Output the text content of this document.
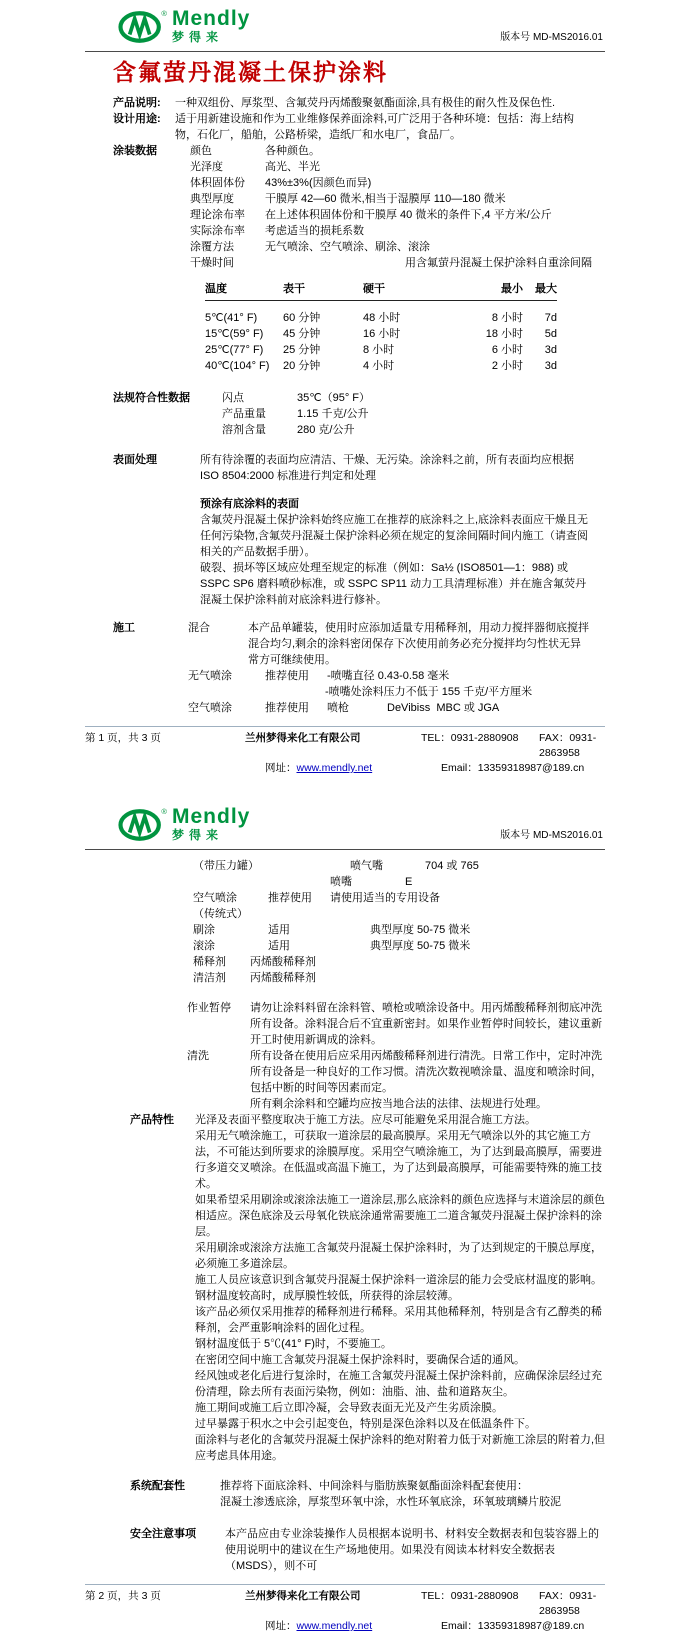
® Mendly
梦得来	版本号 MD-MS2016.01
含氟萤丹混凝土保护涂料
产品说明:	一种双组份、厚浆型、含氟荧丹丙烯酸聚氨酯面涂,具有极佳的耐久性及保色性.
设计用途:	适于用新建设施和作为工业维修保养面涂料,可广泛用于各种环境：包括：海上结构物，石化厂，船舶，公路桥梁，造纸厂和水电厂，食品厂。
涂装数据	颜色	各种颜色。
光泽度	高光、半光
体积固体份	43%±3%(因颜色而异)
典型厚度	干膜厚 42—60 微米,相当于湿膜厚 110—180 微米
理论涂布率	在上述体积固体份和干膜厚 40 微米的条件下,4 平方米/公斤
实际涂布率	考虑适当的损耗系数
涂覆方法	无气喷涂、空气喷涂、刷涂、滚涂
干燥时间	用含氟萤丹混凝土保护涂料自重涂间隔
温度	表干	硬干	最小	最大
5℃(41° F)	60 分钟	48 小时	8 小时	7d
15℃(59° F)	45 分钟	16 小时	18 小时	5d
25℃(77° F)	25 分钟	8 小时	6 小时	3d
40℃(104° F)	20 分钟	4 小时	2 小时	3d
法规符合性数据	闪点	35℃（95° F）
产品重量	1.15 千克/公升
溶剂含量	280 克/公升
表面处理	所有待涂覆的表面均应清洁、干燥、无污染。涂涂料之前，所有表面均应根据 ISO 8504:2000 标准进行判定和处理
预涂有底涂料的表面
含氟荧丹混凝土保护涂料始终应施工在推荐的底涂料之上,底涂料表面应干燥且无任何污染物,含氟荧丹混凝土保护涂料必须在规定的复涂间隔时间内施工（请查阅相关的产品数据手册）。
破裂、损坏等区域应处理至规定的标准（例如：Sa½ (ISO8501—1：988) 或 SSPC SP6 磨料喷砂标准，或 SSPC SP11 动力工具清理标准）并在施含氟荧丹混凝土保护涂料前对底涂料进行修补。
施工	混合	本产品单罐装，使用时应添加适量专用稀释剂，用动力搅拌器彻底搅拌混合均匀,剩余的涂料密闭保存下次使用前务必充分搅拌均匀性状无异常方可继续使用。
无气喷涂	推荐使用	-喷嘴直径 0.43-0.58 毫米
-喷嘴处涂料压力不低于 155 千克/平方厘米
空气喷涂	推荐使用	喷枪	DeVibiss  MBC 或 JGA
第 1 页，共 3 页	兰州梦得来化工有限公司	TEL：0931-2880908	FAX：0931-2863958
网址：www.mendly.net	Email：13359318987@189.cn
® Mendly
梦得来	版本号 MD-MS2016.01
（带压力罐）	喷气嘴	704 或 765
喷嘴	E
空气喷涂	推荐使用	请使用适当的专用设备
（传统式）
刷涂	适用	典型厚度 50-75 微米
滚涂	适用	典型厚度 50-75 微米
稀释剂	丙烯酸稀释剂
清洁剂	丙烯酸稀释剂
作业暂停	请勿让涂料料留在涂料管、喷枪或喷涂设备中。用丙烯酸稀释剂彻底冲洗所有设备。涂料混合后不宜重新密封。如果作业暂停时间较长，建议重新开工时使用新调成的涂料。
清洗	所有设备在使用后应采用丙烯酸稀释剂进行清洗。日常工作中，定时冲洗所有设备是一种良好的工作习惯。清洗次数视喷涂量、温度和喷涂时间，包括中断的时间等因素而定。
所有剩余涂料和空罐均应按当地合法的法律、法规进行处理。
产品特性	光泽及表面平整度取决于施工方法。应尽可能避免采用混合施工方法。
采用无气喷涂施工，可获取一道涂层的最高膜厚。采用无气喷涂以外的其它施工方法，不可能达到所要求的涂膜厚度。采用空气喷涂施工，为了达到最高膜厚，需要进行多道交叉喷涂。在低温或高温下施工，为了达到最高膜厚，可能需要特殊的施工技术。
如果希望采用刷涂或滚涂法施工一道涂层,那么底涂料的颜色应选择与末道涂层的颜色相适应。深色底涂及云母氧化铁底涂通常需要施工二道含氟荧丹混凝土保护涂料的涂层。
采用刷涂或滚涂方法施工含氟荧丹混凝土保护涂料时，为了达到规定的干膜总厚度，必须施工多道涂层。
施工人员应该意识到含氟荧丹混凝土保护涂料一道涂层的能力会受底材温度的影响。钢材温度较高时，成厚膜性较低，所获得的涂层较薄。
该产品必须仅采用推荐的稀释剂进行稀释。采用其他稀释剂，特别是含有乙醇类的稀释剂，会严重影响涂料的固化过程。
钢材温度低于 5℃(41° F)时，不要施工。
在密闭空间中施工含氟荧丹混凝土保护涂料时，要确保合适的通风。
经风蚀或老化后进行复涂时，在施工含氟荧丹混凝土保护涂料前，应确保涂层经过充份清理，除去所有表面污染物，例如：油脂、油、盐和道路灰尘。
施工期间或施工后立即冷凝，会导致表面无光及产生劣质涂膜。
过早暴露于积水之中会引起变色，特别是深色涂料以及在低温条件下。
面涂料与老化的含氟荧丹混凝土保护涂料的绝对附着力低于对新施工涂层的附着力,但应考虑具体用途。
系统配套性	推荐将下面底涂料、中间涂料与脂肪族聚氨酯面涂料配套使用：
混凝土渗透底涂，厚浆型环氧中涂，水性环氧底涂，环氧玻璃鳞片胶泥
安全注意事项	本产品应由专业涂装操作人员根据本说明书、材料安全数据表和包装容器上的使用说明中的建议在生产场地使用。如果没有阅读本材料安全数据表（MSDS），则不可
第 2 页，共 3 页	兰州梦得来化工有限公司	TEL：0931-2880908	FAX：0931-2863958
网址：www.mendly.net	Email：13359318987@189.cn
